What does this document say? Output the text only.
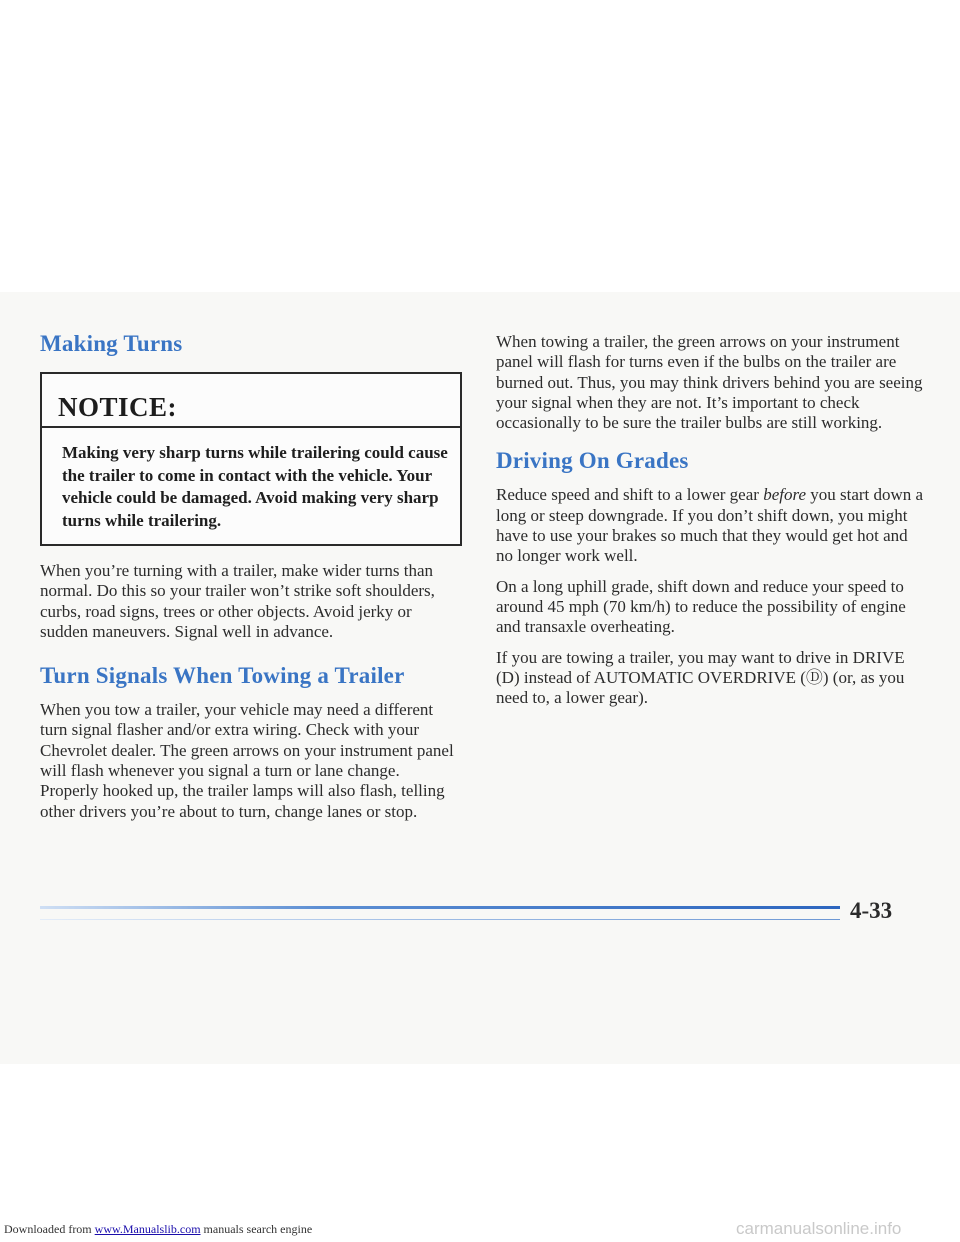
Making Turns
NOTICE:
Making very sharp turns while trailering could cause the trailer to come in contact with the vehicle. Your vehicle could be damaged. Avoid making very sharp turns while trailering.

When you’re turning with a trailer, make wider turns than normal. Do this so your trailer won’t strike soft shoulders, curbs, road signs, trees or other objects. Avoid jerky or sudden maneuvers. Signal well in advance.

Turn Signals When Towing a Trailer

When you tow a trailer, your vehicle may need a different turn signal flasher and/or extra wiring. Check with your Chevrolet dealer. The green arrows on your instrument panel will flash whenever you signal a turn or lane change. Properly hooked up, the trailer lamps will also flash, telling other drivers you’re about to turn, change lanes or stop.

When towing a trailer, the green arrows on your instrument panel will flash for turns even if the bulbs on the trailer are burned out. Thus, you may think drivers behind you are seeing your signal when they are not. It’s important to check occasionally to be sure the trailer bulbs are still working.

Driving On Grades

Reduce speed and shift to a lower gear before you start down a long or steep downgrade. If you don’t shift down, you might have to use your brakes so much that they would get hot and no longer work well.

On a long uphill grade, shift down and reduce your speed to around 45 mph (70 km/h) to reduce the possibility of engine and transaxle overheating.

If you are towing a trailer, you may want to drive in DRIVE (D) instead of AUTOMATIC OVERDRIVE (Ⓓ) (or, as you need to, a lower gear).

4-33
Downloaded from www.Manualslib.com manuals search engine	carmanualsonline.info
